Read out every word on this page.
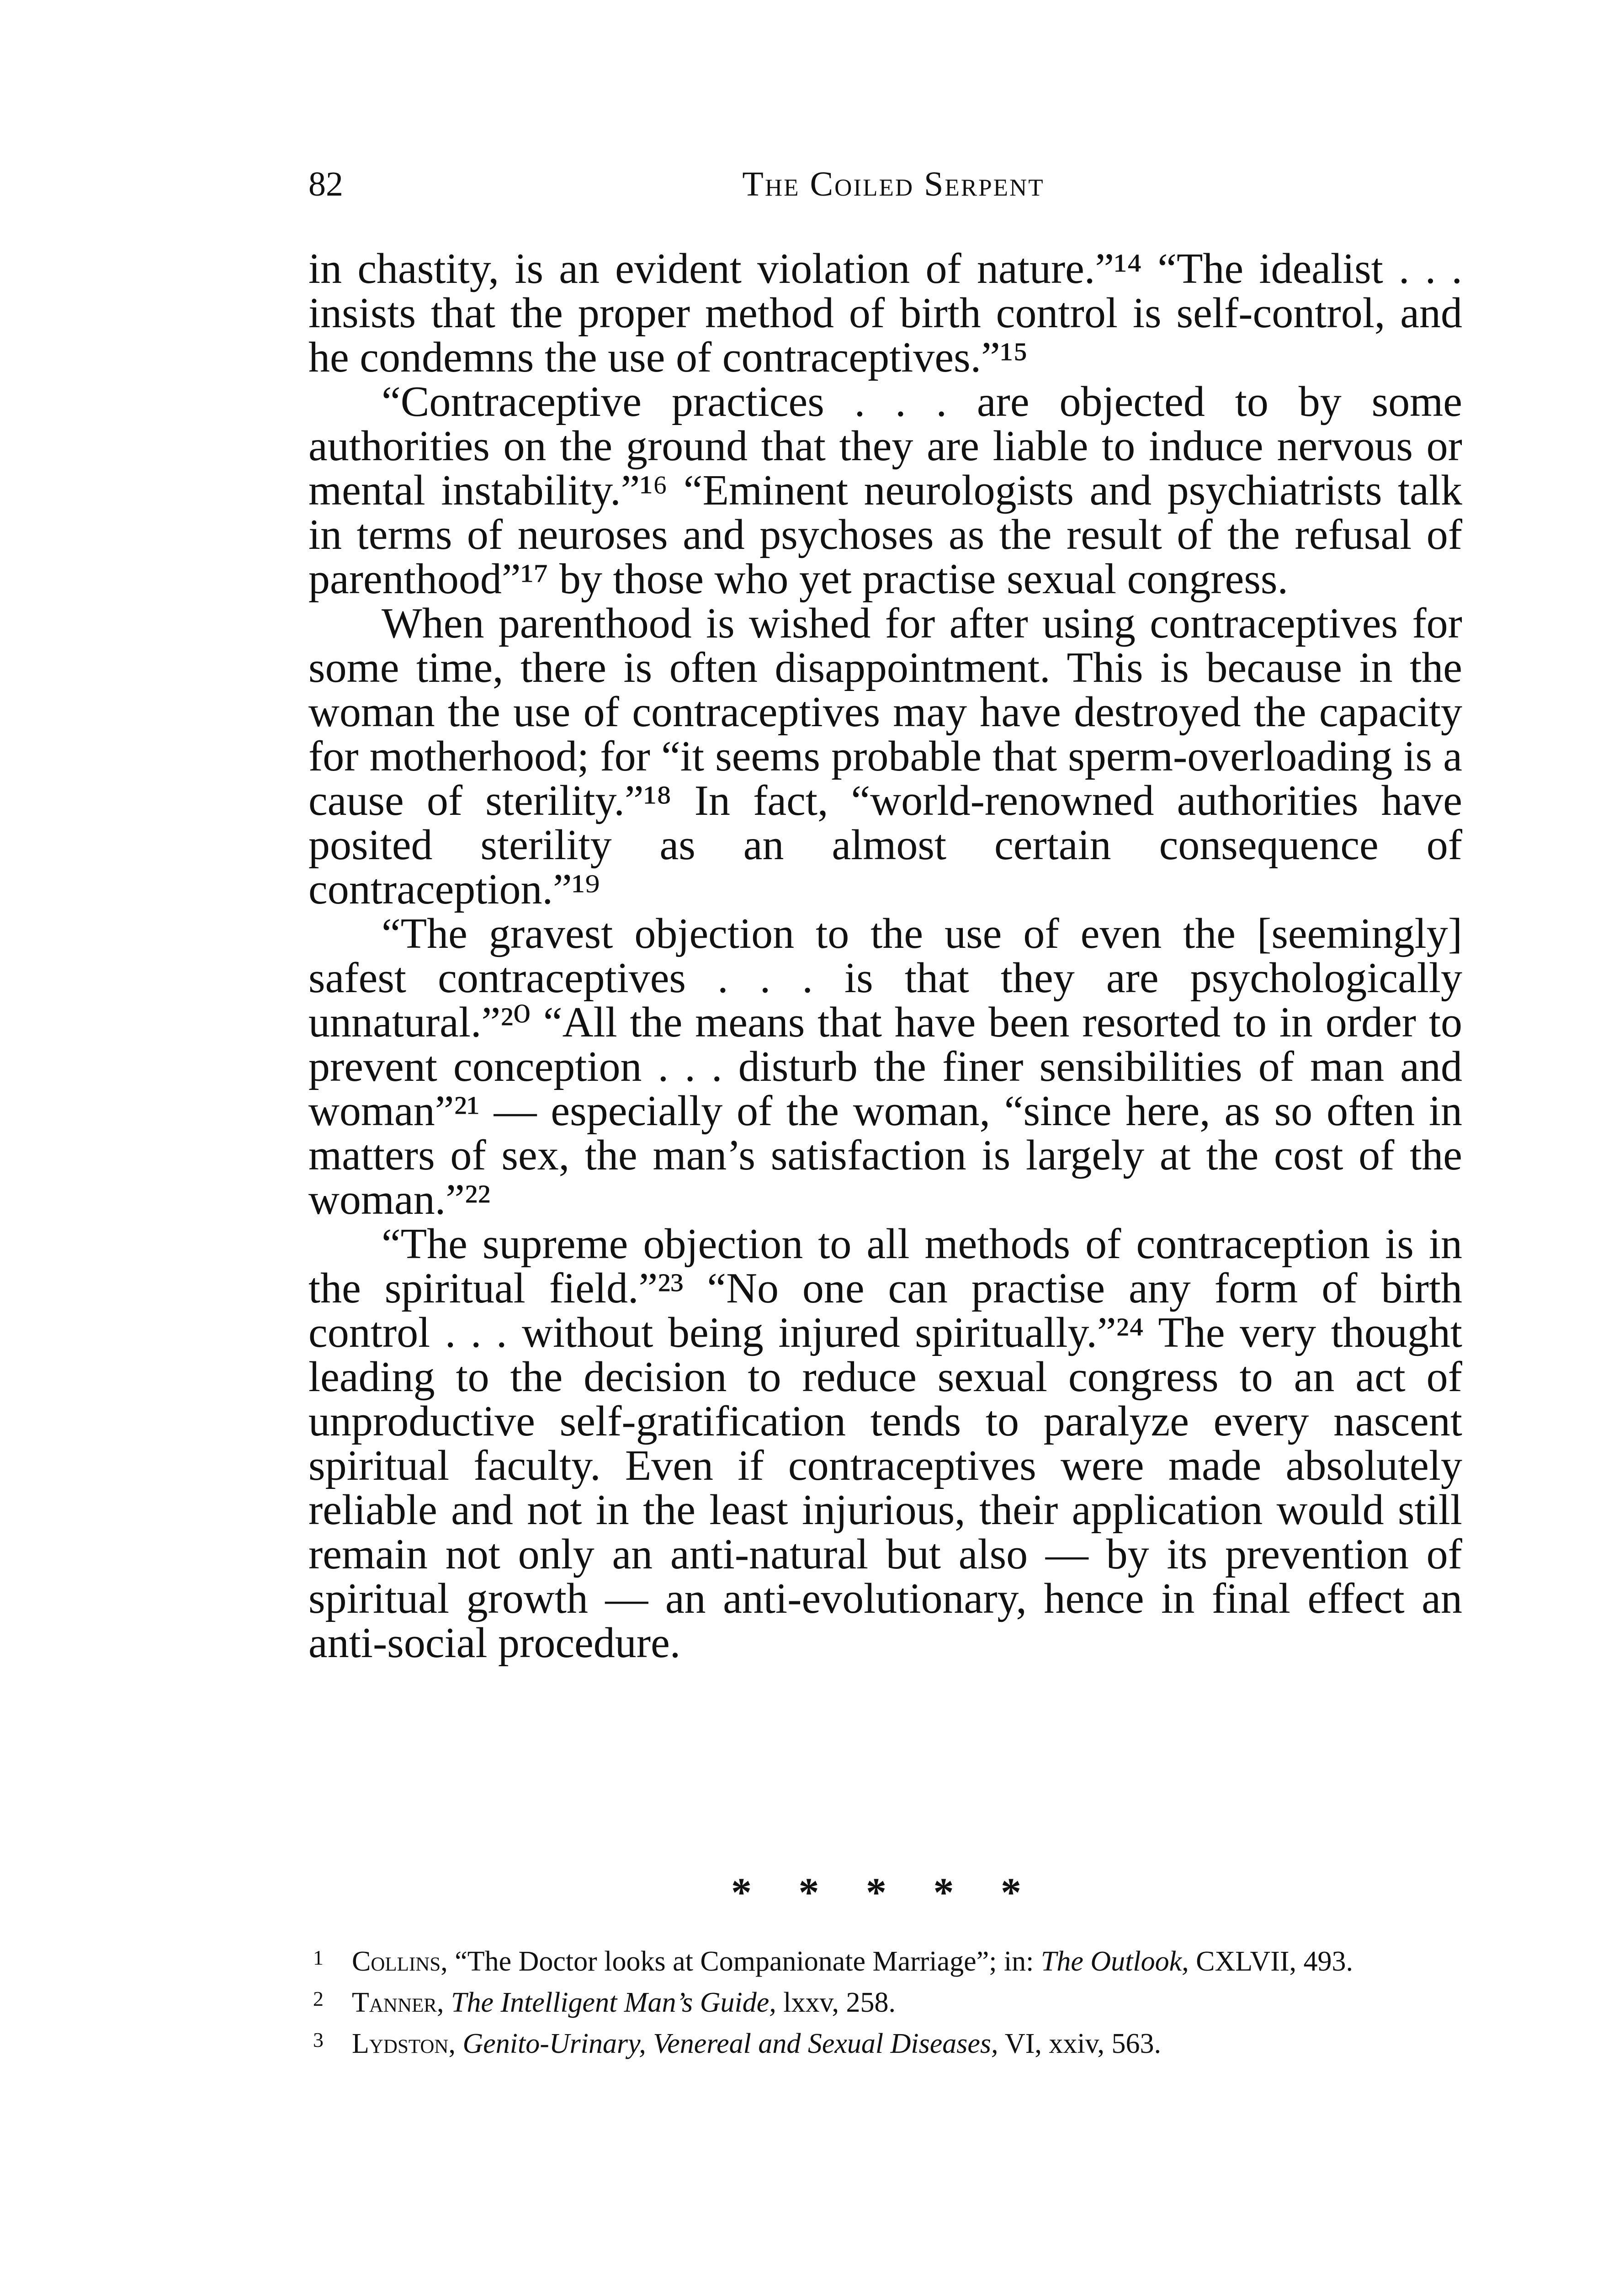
82	The Coiled Serpent

in chastity, is an evident violation of nature.”¹⁴ “The idealist . . . insists that the proper method of birth control is self-control, and he condemns the use of contraceptives.”¹⁵

“Contraceptive practices . . . are objected to by some authorities on the ground that they are liable to induce nervous or mental instability.”¹⁶ “Eminent neurologists and psychiatrists talk in terms of neuroses and psychoses as the result of the refusal of parenthood”¹⁷ by those who yet practise sexual congress.

When parenthood is wished for after using contraceptives for some time, there is often disappointment. This is because in the woman the use of contraceptives may have destroyed the capacity for motherhood; for “it seems probable that sperm-overloading is a cause of sterility.”¹⁸ In fact, “world-renowned authorities have posited sterility as an almost certain consequence of contraception.”¹⁹

“The gravest objection to the use of even the [seemingly] safest contraceptives . . . is that they are psychologically unnatural.”²⁰ “All the means that have been resorted to in order to prevent conception . . . disturb the finer sensibilities of man and woman”²¹ — especially of the woman, “since here, as so often in matters of sex, the man’s satisfaction is largely at the cost of the woman.”²²

“The supreme objection to all methods of contraception is in the spiritual field.”²³ “No one can practise any form of birth control . . . without being injured spiritually.”²⁴ The very thought leading to the decision to reduce sexual congress to an act of unproductive self-gratification tends to paralyze every nascent spiritual faculty. Even if contraceptives were made absolutely reliable and not in the least injurious, their application would still remain not only an anti-natural but also — by its prevention of spiritual growth — an anti-evolutionary, hence in final effect an anti-social procedure.

* * * * *
1 Collins, “The Doctor looks at Companionate Marriage”; in: The Outlook, CXLVII, 493.
2 Tanner, The Intelligent Man’s Guide, lxxv, 258.
3 Lydston, Genito-Urinary, Venereal and Sexual Diseases, VI, xxiv, 563.
